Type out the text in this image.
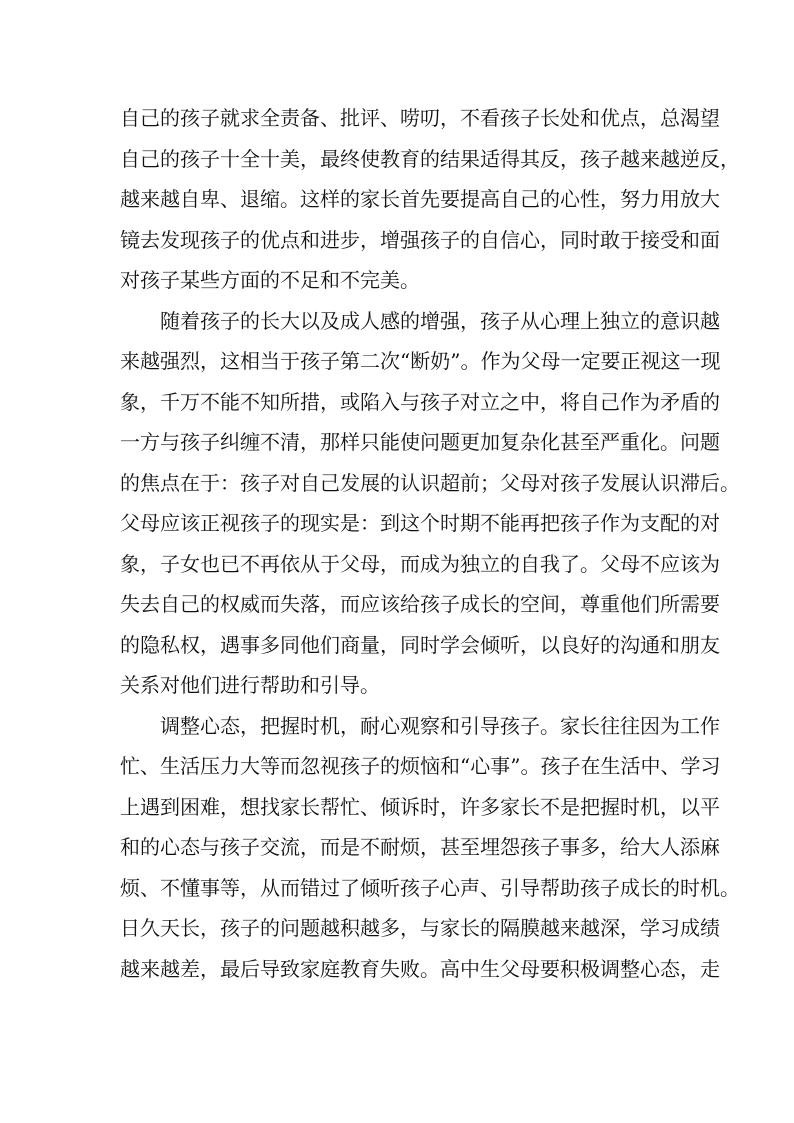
自己的孩子就求全责备、批评、唠叨，不看孩子长处和优点，总渴望
自己的孩子十全十美，最终使教育的结果适得其反，孩子越来越逆反，
越来越自卑、退缩。这样的家长首先要提高自己的心性，努力用放大
镜去发现孩子的优点和进步，增强孩子的自信心，同时敢于接受和面
对孩子某些方面的不足和不完美。
随着孩子的长大以及成人感的增强，孩子从心理上独立的意识越
来越强烈，这相当于孩子第二次“断奶”。作为父母一定要正视这一现
象，千万不能不知所措，或陷入与孩子对立之中，将自己作为矛盾的
一方与孩子纠缠不清，那样只能使问题更加复杂化甚至严重化。问题
的焦点在于：孩子对自己发展的认识超前；父母对孩子发展认识滞后。
父母应该正视孩子的现实是：到这个时期不能再把孩子作为支配的对
象，子女也已不再依从于父母，而成为独立的自我了。父母不应该为
失去自己的权威而失落，而应该给孩子成长的空间，尊重他们所需要
的隐私权，遇事多同他们商量，同时学会倾听，以良好的沟通和朋友
关系对他们进行帮助和引导。
调整心态，把握时机，耐心观察和引导孩子。家长往往因为工作
忙、生活压力大等而忽视孩子的烦恼和“心事”。孩子在生活中、学习
上遇到困难，想找家长帮忙、倾诉时，许多家长不是把握时机，以平
和的心态与孩子交流，而是不耐烦，甚至埋怨孩子事多，给大人添麻
烦、不懂事等，从而错过了倾听孩子心声、引导帮助孩子成长的时机。
日久天长，孩子的问题越积越多，与家长的隔膜越来越深，学习成绩
越来越差，最后导致家庭教育失败。高中生父母要积极调整心态，走
